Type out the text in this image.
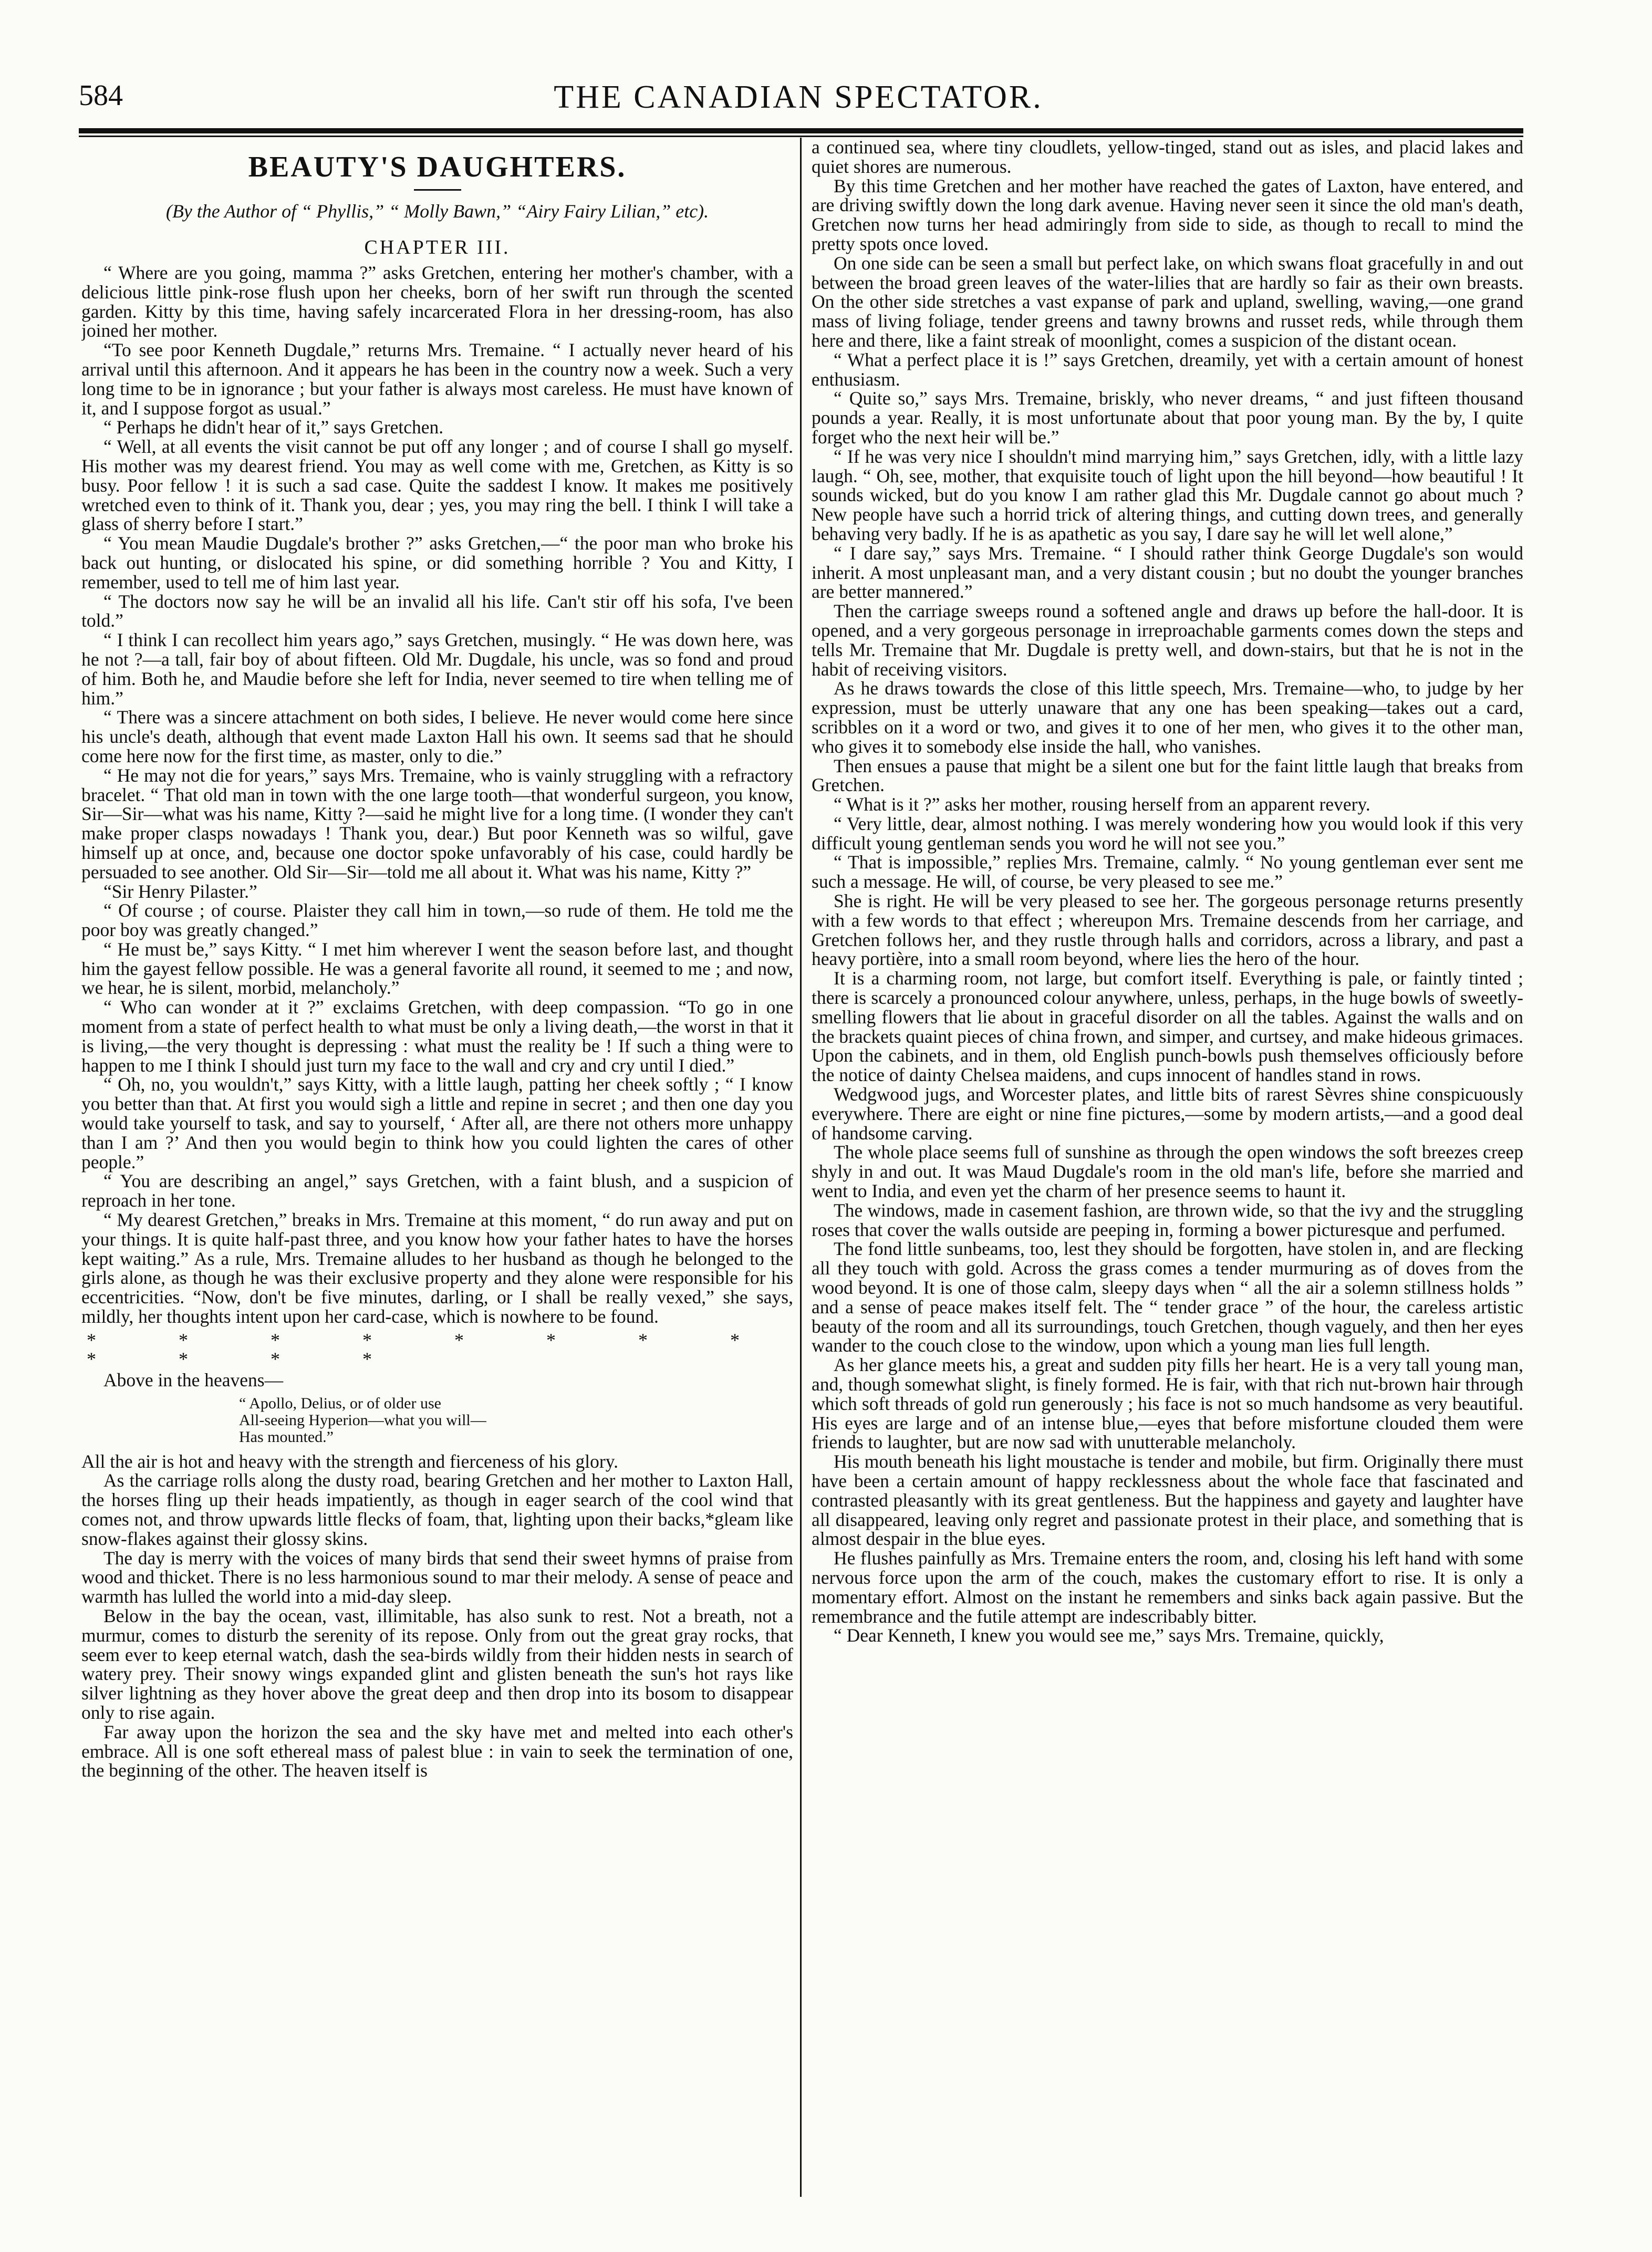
584	THE CANADIAN SPECTATOR.
BEAUTY'S DAUGHTERS.
(By the Author of “ Phyllis,” “ Molly Bawn,” “Airy Fairy Lilian,” etc).
CHAPTER III.

“ Where are you going, mamma ?” asks Gretchen, entering her mother's chamber, with a delicious little pink-rose flush upon her cheeks, born of her swift run through the scented garden. Kitty by this time, having safely incarcerated Flora in her dressing-room, has also joined her mother.

“To see poor Kenneth Dugdale,” returns Mrs. Tremaine. “ I actually never heard of his arrival until this afternoon. And it appears he has been in the country now a week. Such a very long time to be in ignorance ; but your father is always most careless. He must have known of it, and I suppose forgot as usual.”

“ Perhaps he didn't hear of it,” says Gretchen.

“ Well, at all events the visit cannot be put off any longer ; and of course I shall go myself. His mother was my dearest friend. You may as well come with me, Gretchen, as Kitty is so busy. Poor fellow ! it is such a sad case. Quite the saddest I know. It makes me positively wretched even to think of it. Thank you, dear ; yes, you may ring the bell. I think I will take a glass of sherry before I start.”

“ You mean Maudie Dugdale's brother ?” asks Gretchen,—“ the poor man who broke his back out hunting, or dislocated his spine, or did something horrible ? You and Kitty, I remember, used to tell me of him last year.

“ The doctors now say he will be an invalid all his life. Can't stir off his sofa, I've been told.”

“ I think I can recollect him years ago,” says Gretchen, musingly. “ He was down here, was he not ?—a tall, fair boy of about fifteen. Old Mr. Dugdale, his uncle, was so fond and proud of him. Both he, and Maudie before she left for India, never seemed to tire when telling me of him.”

“ There was a sincere attachment on both sides, I believe. He never would come here since his uncle's death, although that event made Laxton Hall his own. It seems sad that he should come here now for the first time, as master, only to die.”

“ He may not die for years,” says Mrs. Tremaine, who is vainly struggling with a refractory bracelet. “ That old man in town with the one large tooth—that wonderful surgeon, you know, Sir—Sir—what was his name, Kitty ?—said he might live for a long time. (I wonder they can't make proper clasps nowadays ! Thank you, dear.) But poor Kenneth was so wilful, gave himself up at once, and, because one doctor spoke unfavorably of his case, could hardly be persuaded to see another. Old Sir—Sir—told me all about it. What was his name, Kitty ?”

“Sir Henry Pilaster.”

“ Of course ; of course. Plaister they call him in town,—so rude of them. He told me the poor boy was greatly changed.”

“ He must be,” says Kitty. “ I met him wherever I went the season before last, and thought him the gayest fellow possible. He was a general favorite all round, it seemed to me ; and now, we hear, he is silent, morbid, melancholy.”

“ Who can wonder at it ?” exclaims Gretchen, with deep compassion. “To go in one moment from a state of perfect health to what must be only a living death,—the worst in that it is living,—the very thought is depressing : what must the reality be ! If such a thing were to happen to me I think I should just turn my face to the wall and cry and cry until I died.”

“ Oh, no, you wouldn't,” says Kitty, with a little laugh, patting her cheek softly ; “ I know you better than that. At first you would sigh a little and repine in secret ; and then one day you would take yourself to task, and say to yourself, ‘ After all, are there not others more unhappy than I am ?’ And then you would begin to think how you could lighten the cares of other people.”

“ You are describing an angel,” says Gretchen, with a faint blush, and a suspicion of reproach in her tone.

“ My dearest Gretchen,” breaks in Mrs. Tremaine at this moment, “ do run away and put on your things. It is quite half-past three, and you know how your father hates to have the horses kept waiting.” As a rule, Mrs. Tremaine alludes to her husband as though he belonged to the girls alone, as though he was their exclusive property and they alone were responsible for his eccentricities. “Now, don't be five minutes, darling, or I shall be really vexed,” she says, mildly, her thoughts intent upon her card-case, which is nowhere to be found.

* * * * * * * * * * * *
Above in the heavens—
“ Apollo, Delius, or of older use
All-seeing Hyperion—what you will—
Has mounted.”

All the air is hot and heavy with the strength and fierceness of his glory.

As the carriage rolls along the dusty road, bearing Gretchen and her mother to Laxton Hall, the horses fling up their heads impatiently, as though in eager search of the cool wind that comes not, and throw upwards little flecks of foam, that, lighting upon their backs,*gleam like snow-flakes against their glossy skins.

The day is merry with the voices of many birds that send their sweet hymns of praise from wood and thicket. There is no less harmonious sound to mar their melody. A sense of peace and warmth has lulled the world into a mid-day sleep.

Below in the bay the ocean, vast, illimitable, has also sunk to rest. Not a breath, not a murmur, comes to disturb the serenity of its repose. Only from out the great gray rocks, that seem ever to keep eternal watch, dash the sea-birds wildly from their hidden nests in search of watery prey. Their snowy wings expanded glint and glisten beneath the sun's hot rays like silver lightning as they hover above the great deep and then drop into its bosom to disappear only to rise again.

Far away upon the horizon the sea and the sky have met and melted into each other's embrace. All is one soft ethereal mass of palest blue : in vain to seek the termination of one, the beginning of the other. The heaven itself is

a continued sea, where tiny cloudlets, yellow-tinged, stand out as isles, and placid lakes and quiet shores are numerous.

By this time Gretchen and her mother have reached the gates of Laxton, have entered, and are driving swiftly down the long dark avenue. Having never seen it since the old man's death, Gretchen now turns her head admiringly from side to side, as though to recall to mind the pretty spots once loved.

On one side can be seen a small but perfect lake, on which swans float gracefully in and out between the broad green leaves of the water-lilies that are hardly so fair as their own breasts. On the other side stretches a vast expanse of park and upland, swelling, waving,—one grand mass of living foliage, tender greens and tawny browns and russet reds, while through them here and there, like a faint streak of moonlight, comes a suspicion of the distant ocean.

“ What a perfect place it is !” says Gretchen, dreamily, yet with a certain amount of honest enthusiasm.

“ Quite so,” says Mrs. Tremaine, briskly, who never dreams, “ and just fifteen thousand pounds a year. Really, it is most unfortunate about that poor young man. By the by, I quite forget who the next heir will be.”

“ If he was very nice I shouldn't mind marrying him,” says Gretchen, idly, with a little lazy laugh. “ Oh, see, mother, that exquisite touch of light upon the hill beyond—how beautiful ! It sounds wicked, but do you know I am rather glad this Mr. Dugdale cannot go about much ? New people have such a horrid trick of altering things, and cutting down trees, and generally behaving very badly. If he is as apathetic as you say, I dare say he will let well alone,”

“ I dare say,” says Mrs. Tremaine. “ I should rather think George Dugdale's son would inherit. A most unpleasant man, and a very distant cousin ; but no doubt the younger branches are better mannered.”

Then the carriage sweeps round a softened angle and draws up before the hall-door. It is opened, and a very gorgeous personage in irreproachable garments comes down the steps and tells Mr. Tremaine that Mr. Dugdale is pretty well, and down-stairs, but that he is not in the habit of receiving visitors.

As he draws towards the close of this little speech, Mrs. Tremaine—who, to judge by her expression, must be utterly unaware that any one has been speaking—takes out a card, scribbles on it a word or two, and gives it to one of her men, who gives it to the other man, who gives it to somebody else inside the hall, who vanishes.

Then ensues a pause that might be a silent one but for the faint little laugh that breaks from Gretchen.

“ What is it ?” asks her mother, rousing herself from an apparent revery.

“ Very little, dear, almost nothing. I was merely wondering how you would look if this very difficult young gentleman sends you word he will not see you.”

“ That is impossible,” replies Mrs. Tremaine, calmly. “ No young gentleman ever sent me such a message. He will, of course, be very pleased to see me.”

She is right. He will be very pleased to see her. The gorgeous personage returns presently with a few words to that effect ; whereupon Mrs. Tremaine descends from her carriage, and Gretchen follows her, and they rustle through halls and corridors, across a library, and past a heavy portière, into a small room beyond, where lies the hero of the hour.

It is a charming room, not large, but comfort itself. Everything is pale, or faintly tinted ; there is scarcely a pronounced colour anywhere, unless, perhaps, in the huge bowls of sweetly-smelling flowers that lie about in graceful disorder on all the tables. Against the walls and on the brackets quaint pieces of china frown, and simper, and curtsey, and make hideous grimaces. Upon the cabinets, and in them, old English punch-bowls push themselves officiously before the notice of dainty Chelsea maidens, and cups innocent of handles stand in rows.

Wedgwood jugs, and Worcester plates, and little bits of rarest Sèvres shine conspicuously everywhere. There are eight or nine fine pictures,—some by modern artists,—and a good deal of handsome carving.

The whole place seems full of sunshine as through the open windows the soft breezes creep shyly in and out. It was Maud Dugdale's room in the old man's life, before she married and went to India, and even yet the charm of her presence seems to haunt it.

The windows, made in casement fashion, are thrown wide, so that the ivy and the struggling roses that cover the walls outside are peeping in, forming a bower picturesque and perfumed.

The fond little sunbeams, too, lest they should be forgotten, have stolen in, and are flecking all they touch with gold. Across the grass comes a tender murmuring as of doves from the wood beyond. It is one of those calm, sleepy days when “ all the air a solemn stillness holds ” and a sense of peace makes itself felt. The “ tender grace ” of the hour, the careless artistic beauty of the room and all its surroundings, touch Gretchen, though vaguely, and then her eyes wander to the couch close to the window, upon which a young man lies full length.

As her glance meets his, a great and sudden pity fills her heart. He is a very tall young man, and, though somewhat slight, is finely formed. He is fair, with that rich nut-brown hair through which soft threads of gold run generously ; his face is not so much handsome as very beautiful. His eyes are large and of an intense blue,—eyes that before misfortune clouded them were friends to laughter, but are now sad with unutterable melancholy.

His mouth beneath his light moustache is tender and mobile, but firm. Originally there must have been a certain amount of happy recklessness about the whole face that fascinated and contrasted pleasantly with its great gentleness. But the happiness and gayety and laughter have all disappeared, leaving only regret and passionate protest in their place, and something that is almost despair in the blue eyes.

He flushes painfully as Mrs. Tremaine enters the room, and, closing his left hand with some nervous force upon the arm of the couch, makes the customary effort to rise. It is only a momentary effort. Almost on the instant he remembers and sinks back again passive. But the remembrance and the futile attempt are indescribably bitter.

“ Dear Kenneth, I knew you would see me,” says Mrs. Tremaine, quickly,
